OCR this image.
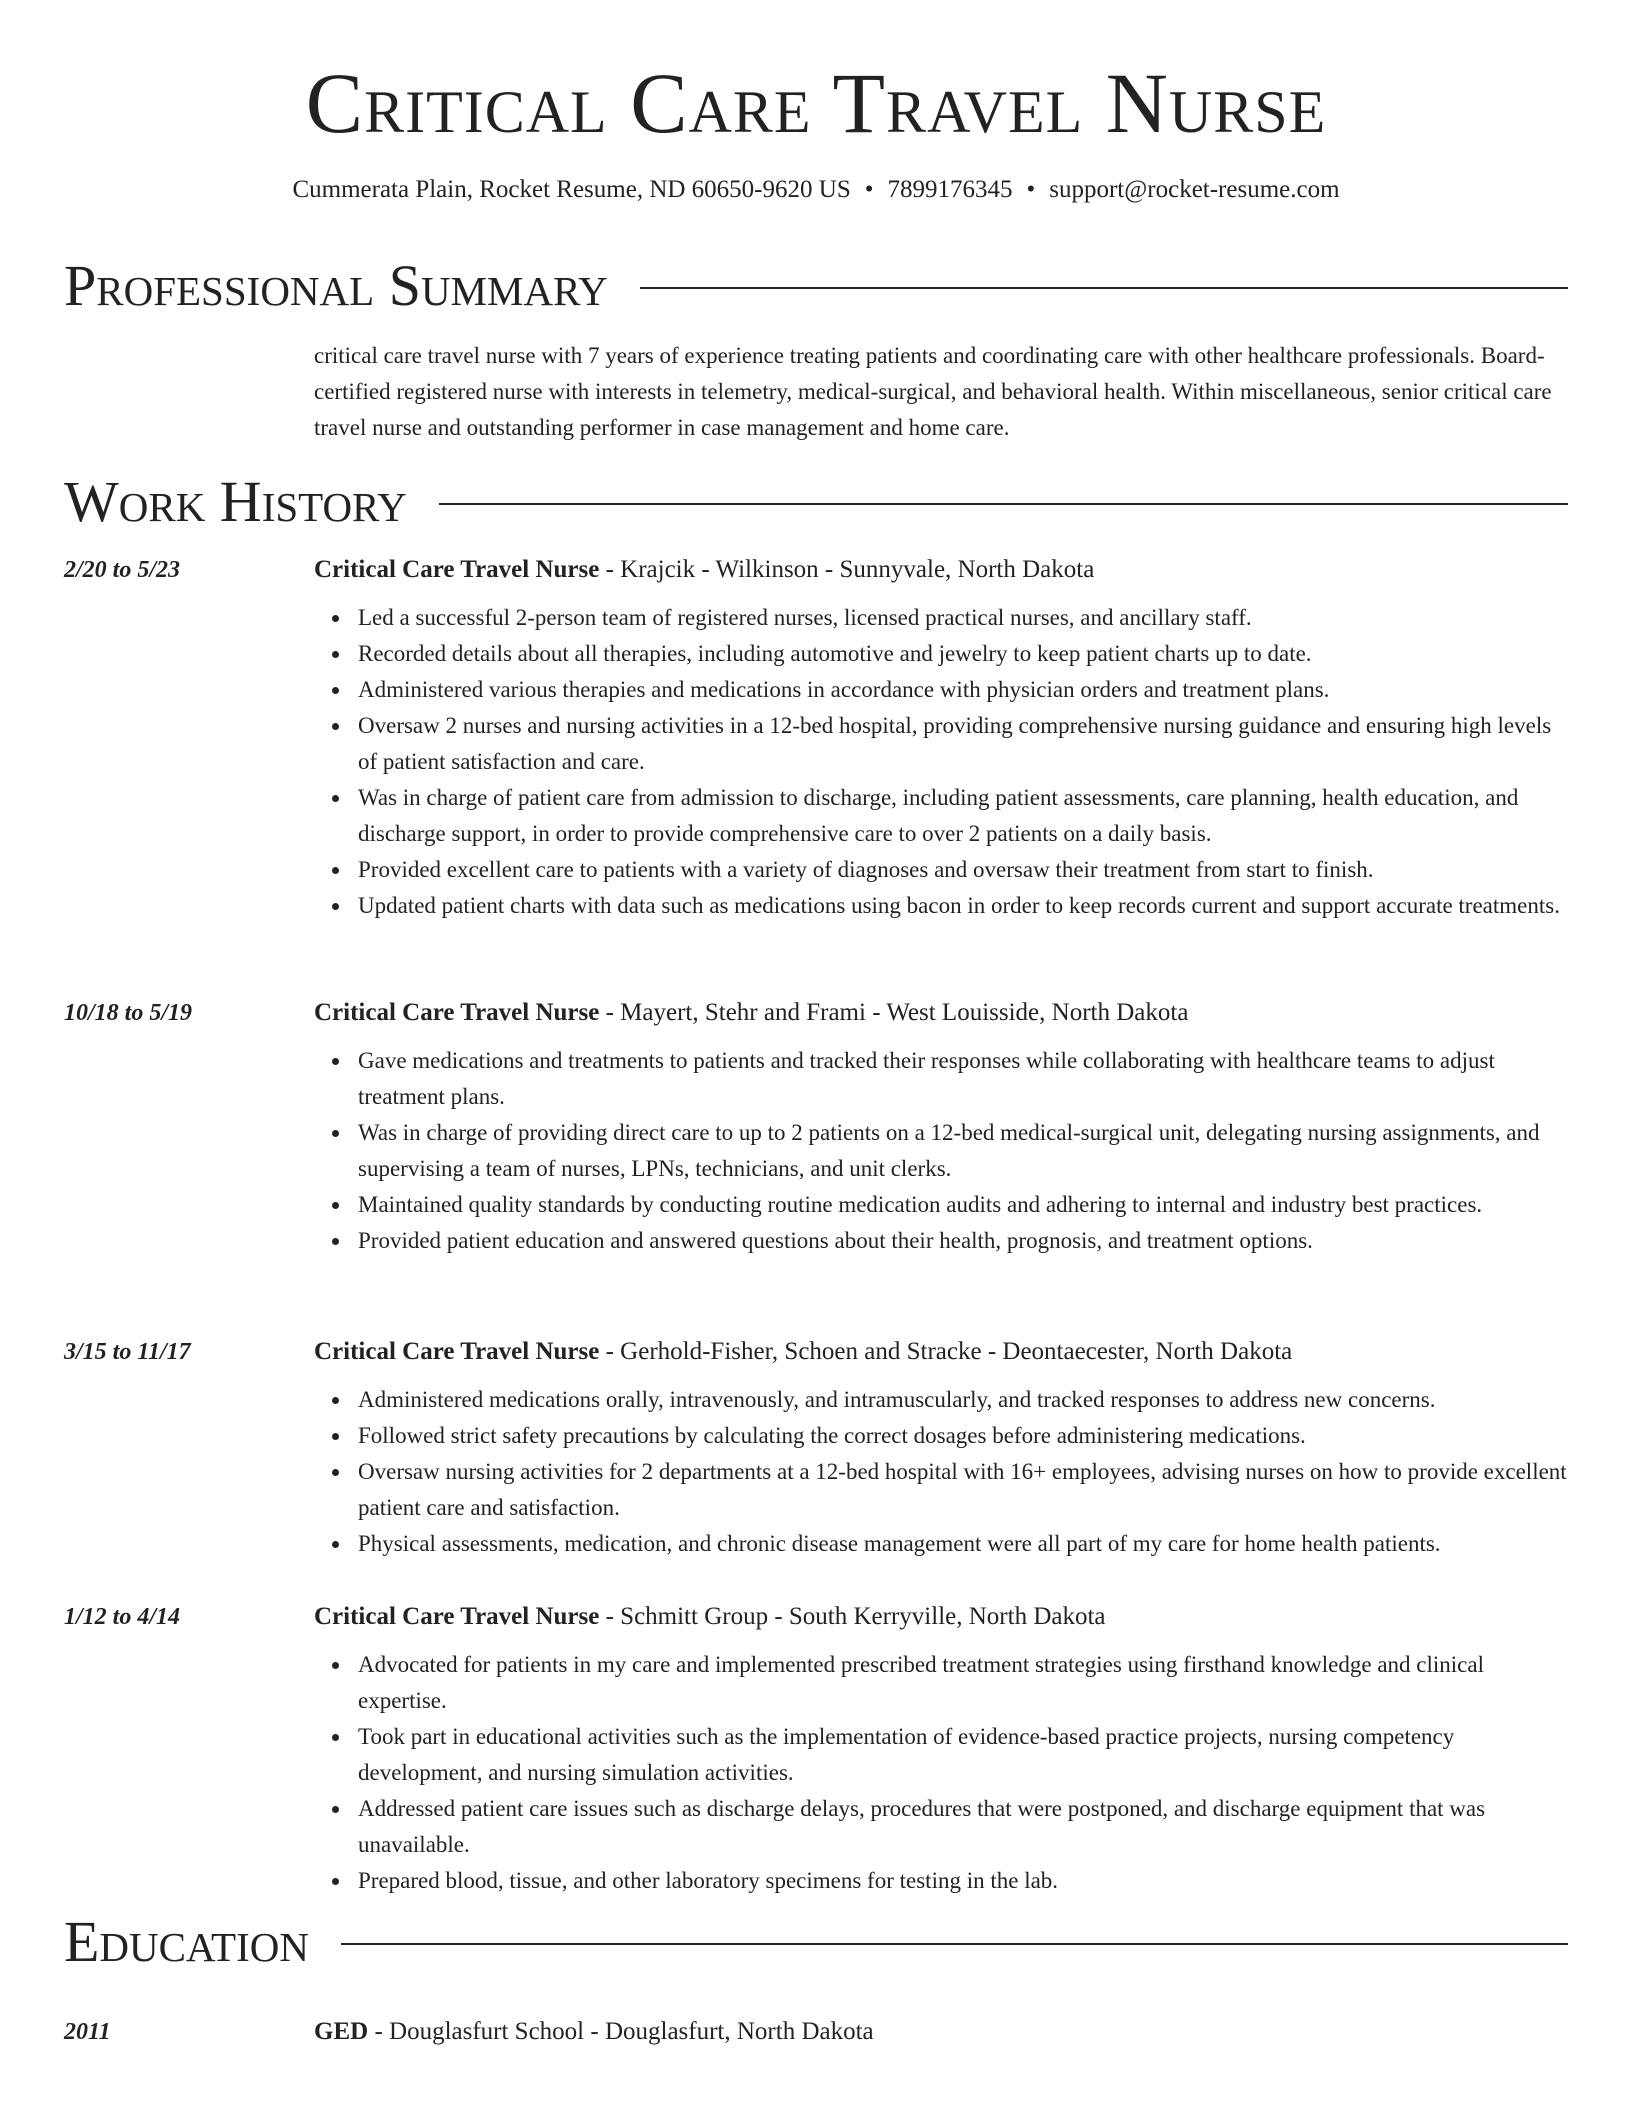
Critical Care Travel Nurse
Cummerata Plain, Rocket Resume, ND 60650-9620 US • 7899176345 • support@rocket-resume.com
Professional Summary

critical care travel nurse with 7 years of experience treating patients and coordinating care with other healthcare professionals. Board-certified registered nurse with interests in telemetry, medical-surgical, and behavioral health. Within miscellaneous, senior critical care travel nurse and outstanding performer in case management and home care.

Work History
2/20 to 5/23	Critical Care Travel Nurse - Krajcik - Wilkinson - Sunnyvale, North Dakota
Led a successful 2-person team of registered nurses, licensed practical nurses, and ancillary staff.
Recorded details about all therapies, including automotive and jewelry to keep patient charts up to date.
Administered various therapies and medications in accordance with physician orders and treatment plans.
Oversaw 2 nurses and nursing activities in a 12-bed hospital, providing comprehensive nursing guidance and ensuring high levels of patient satisfaction and care.
Was in charge of patient care from admission to discharge, including patient assessments, care planning, health education, and discharge support, in order to provide comprehensive care to over 2 patients on a daily basis.
Provided excellent care to patients with a variety of diagnoses and oversaw their treatment from start to finish.
Updated patient charts with data such as medications using bacon in order to keep records current and support accurate treatments.
10/18 to 5/19	Critical Care Travel Nurse - Mayert, Stehr and Frami - West Louisside, North Dakota
Gave medications and treatments to patients and tracked their responses while collaborating with healthcare teams to adjust treatment plans.
Was in charge of providing direct care to up to 2 patients on a 12-bed medical-surgical unit, delegating nursing assignments, and supervising a team of nurses, LPNs, technicians, and unit clerks.
Maintained quality standards by conducting routine medication audits and adhering to internal and industry best practices.
Provided patient education and answered questions about their health, prognosis, and treatment options.
3/15 to 11/17	Critical Care Travel Nurse - Gerhold-Fisher, Schoen and Stracke - Deontaecester, North Dakota
Administered medications orally, intravenously, and intramuscularly, and tracked responses to address new concerns.
Followed strict safety precautions by calculating the correct dosages before administering medications.
Oversaw nursing activities for 2 departments at a 12-bed hospital with 16+ employees, advising nurses on how to provide excellent patient care and satisfaction.
Physical assessments, medication, and chronic disease management were all part of my care for home health patients.
1/12 to 4/14	Critical Care Travel Nurse - Schmitt Group - South Kerryville, North Dakota
Advocated for patients in my care and implemented prescribed treatment strategies using firsthand knowledge and clinical expertise.
Took part in educational activities such as the implementation of evidence-based practice projects, nursing competency development, and nursing simulation activities.
Addressed patient care issues such as discharge delays, procedures that were postponed, and discharge equipment that was unavailable.
Prepared blood, tissue, and other laboratory specimens for testing in the lab.
Education
2011	GED - Douglasfurt School - Douglasfurt, North Dakota
